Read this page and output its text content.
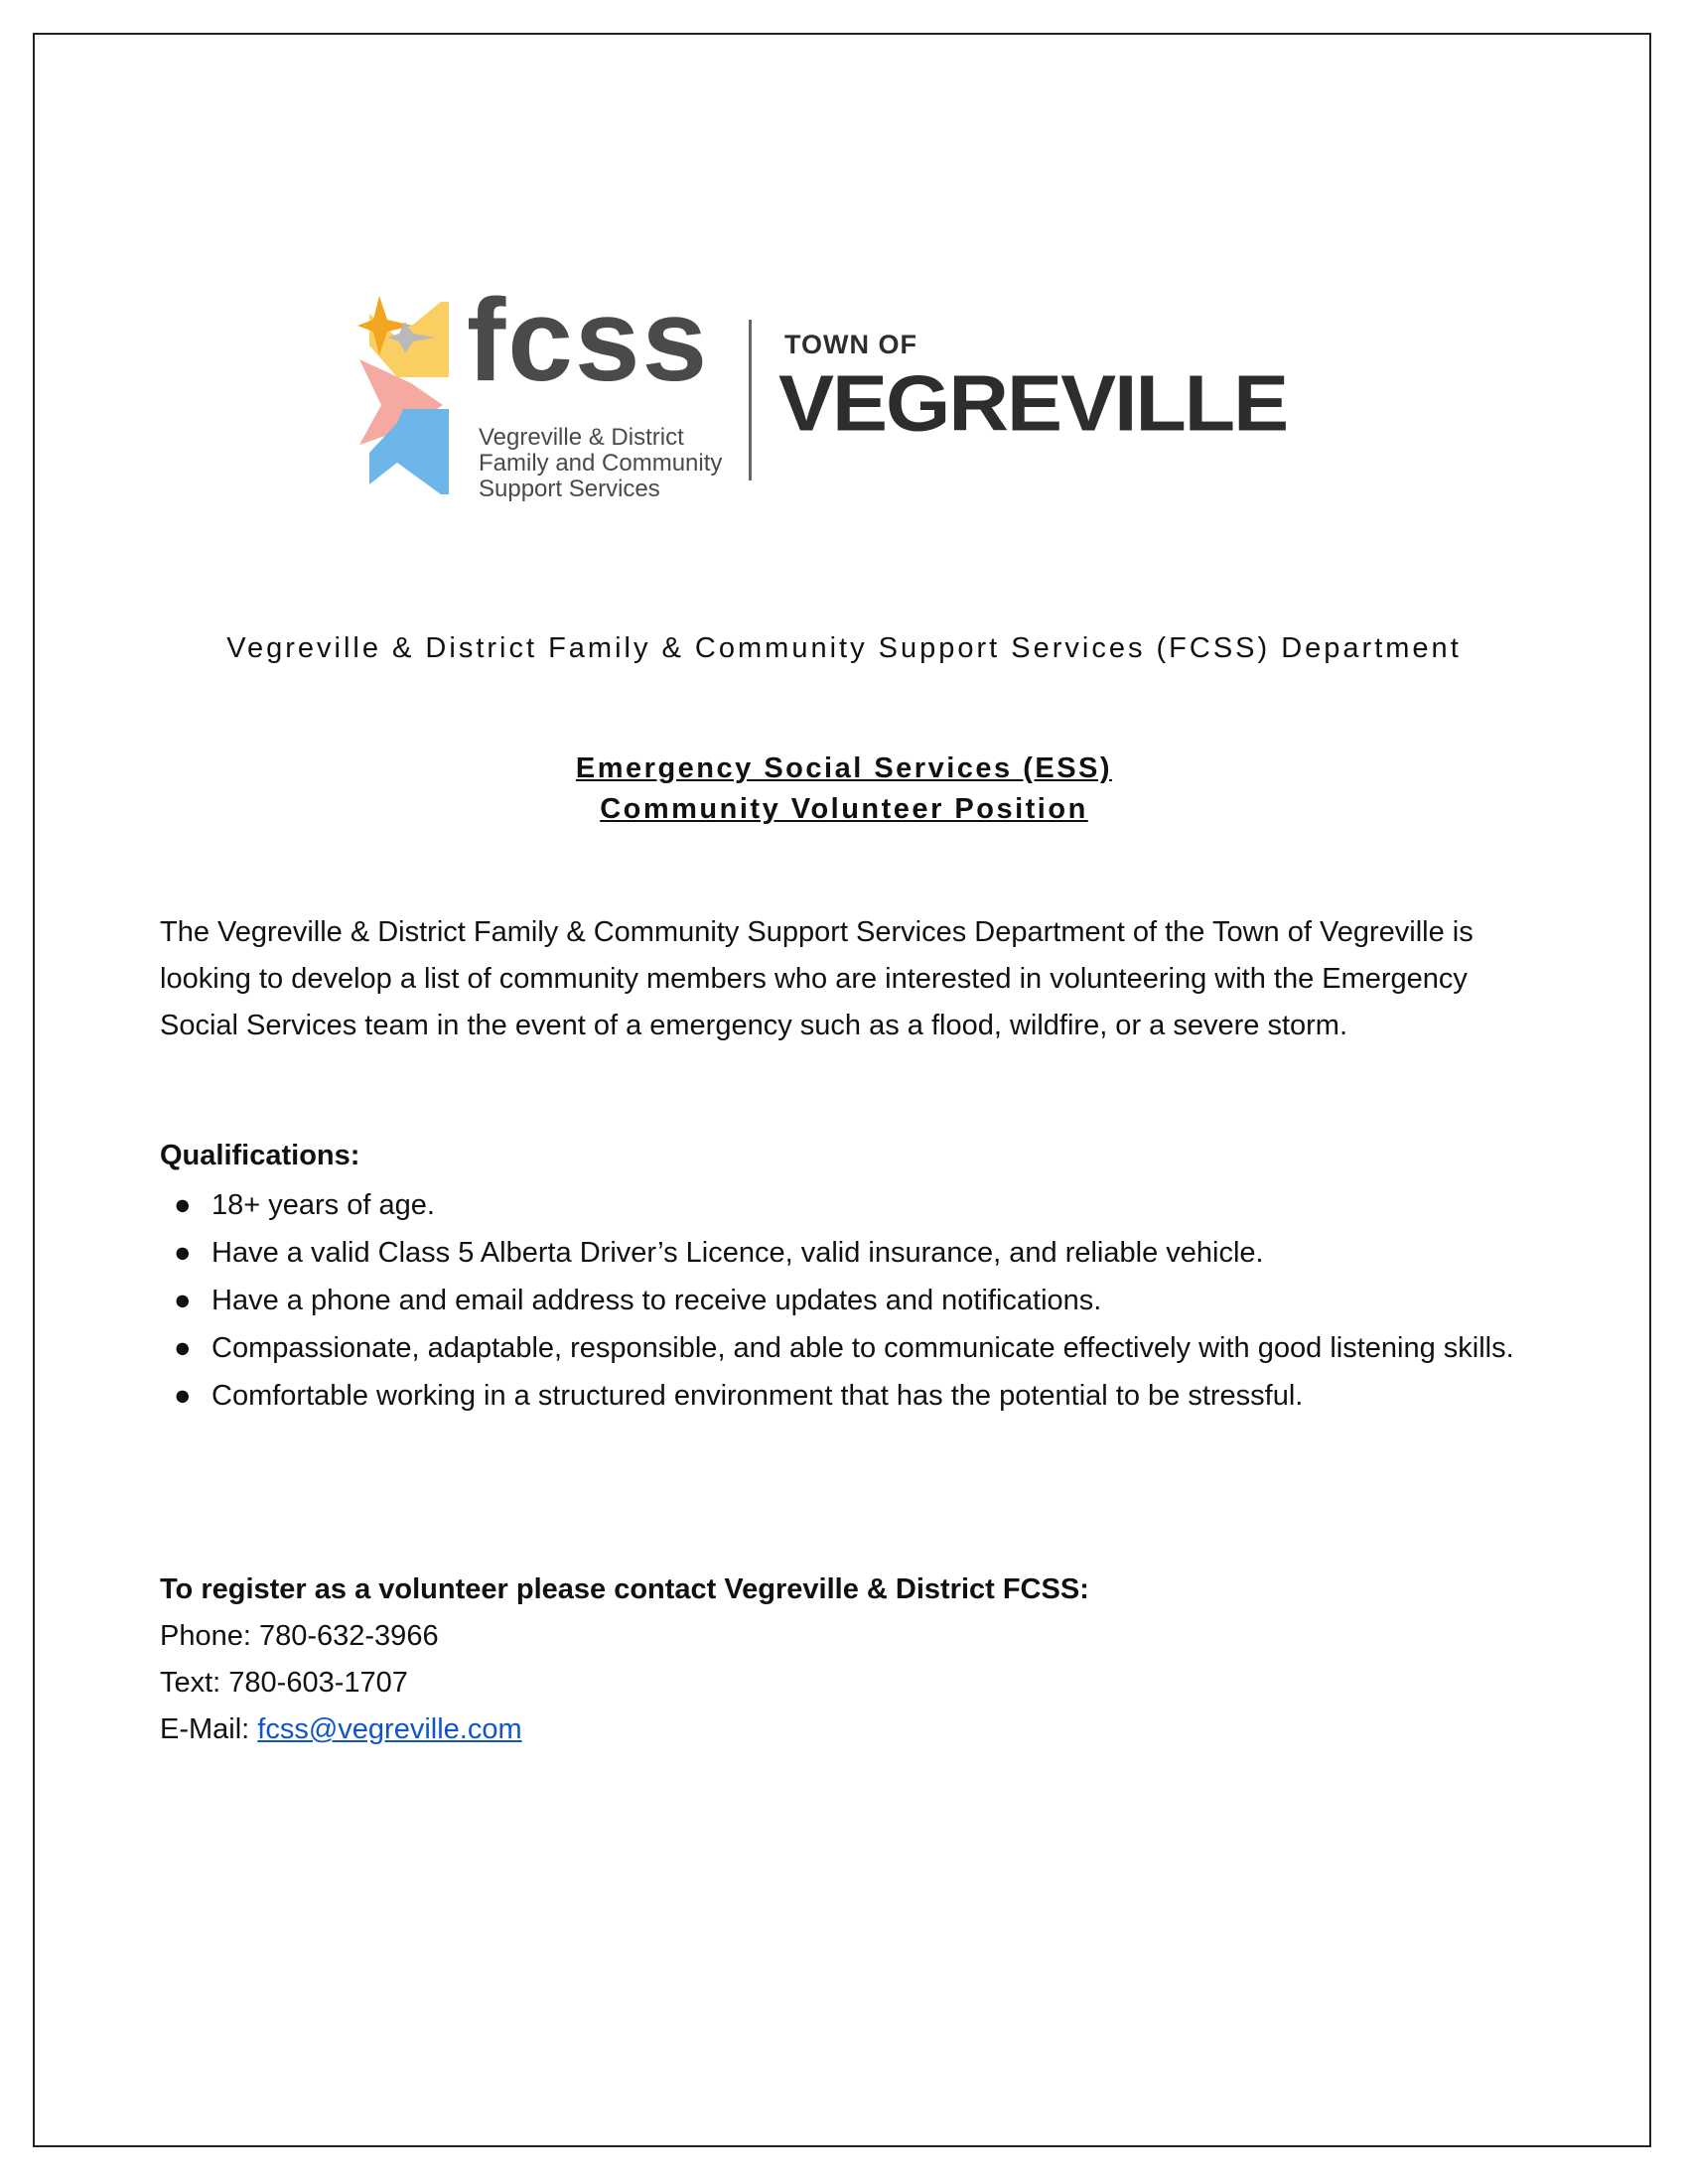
fcss
Vegreville & District
Family and Community
Support Services
TOWN OF
VEGREVILLE
Vegreville & District Family & Community Support Services (FCSS) Department
Emergency Social Services (ESS)
Community Volunteer Position
The Vegreville & District Family & Community Support Services Department of the Town of Vegreville is looking to develop a list of community members who are interested in volunteering with the Emergency Social Services team in the event of a emergency such as a flood, wildfire, or a severe storm.
Qualifications:
● 18+ years of age.
● Have a valid Class 5 Alberta Driver’s Licence, valid insurance, and reliable vehicle.
● Have a phone and email address to receive updates and notifications.
● Compassionate, adaptable, responsible, and able to communicate effectively with good listening skills.
● Comfortable working in a structured environment that has the potential to be stressful.
To register as a volunteer please contact Vegreville & District FCSS:
Phone: 780-632-3966
Text: 780-603-1707
E-Mail: fcss@vegreville.com
